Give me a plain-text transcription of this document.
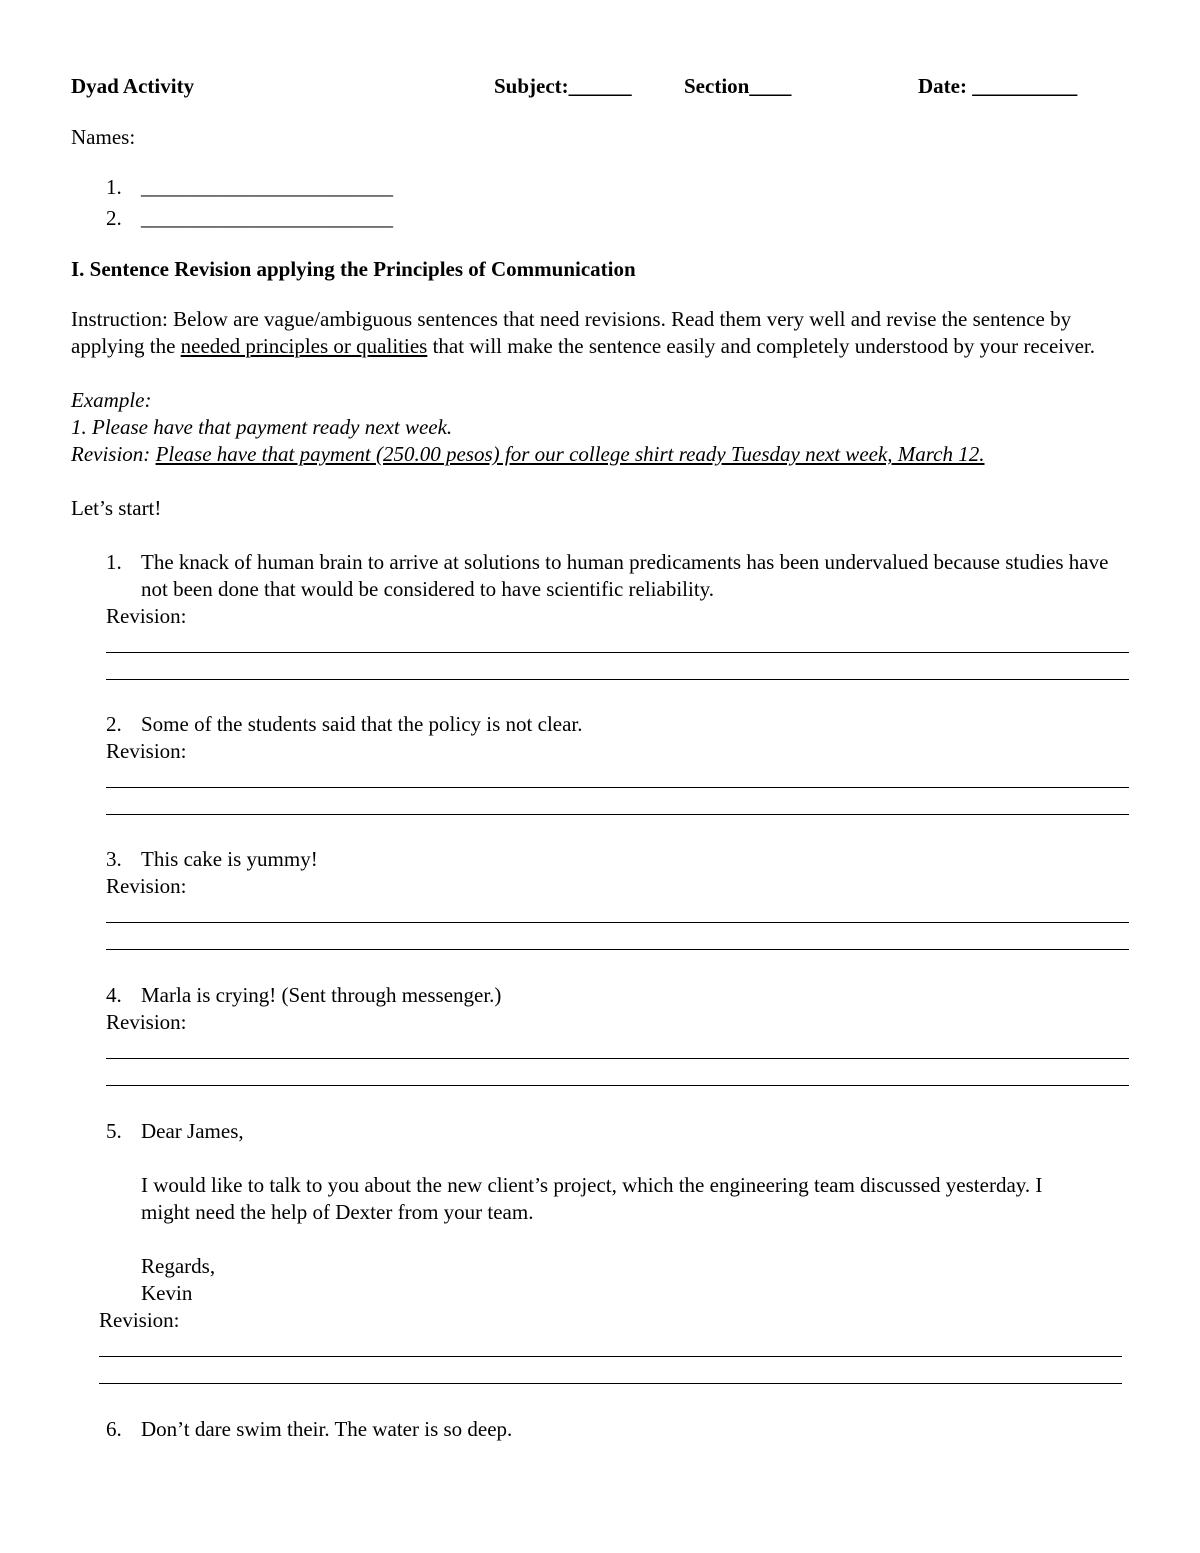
Dyad Activity	Subject:______ Section____	Date: __________
Names:
1. ________________________
2. ________________________
I. Sentence Revision applying the Principles of Communication
Instruction: Below are vague/ambiguous sentences that need revisions. Read them very well and revise the sentence by applying the needed principles or qualities that will make the sentence easily and completely understood by your receiver.
Example:
1. Please have that payment ready next week.
Revision: Please have that payment (250.00 pesos) for our college shirt ready Tuesday next week, March 12.
Let’s start!
1. The knack of human brain to arrive at solutions to human predicaments has been undervalued because studies have not been done that would be considered to have scientific reliability.
Revision:
2. Some of the students said that the policy is not clear.
Revision:
3. This cake is yummy!
Revision:
4. Marla is crying! (Sent through messenger.)
Revision:
5. Dear James,
I would like to talk to you about the new client’s project, which the engineering team discussed yesterday. I might need the help of Dexter from your team.
Regards,
Kevin
Revision:
6. Don’t dare swim their. The water is so deep.
